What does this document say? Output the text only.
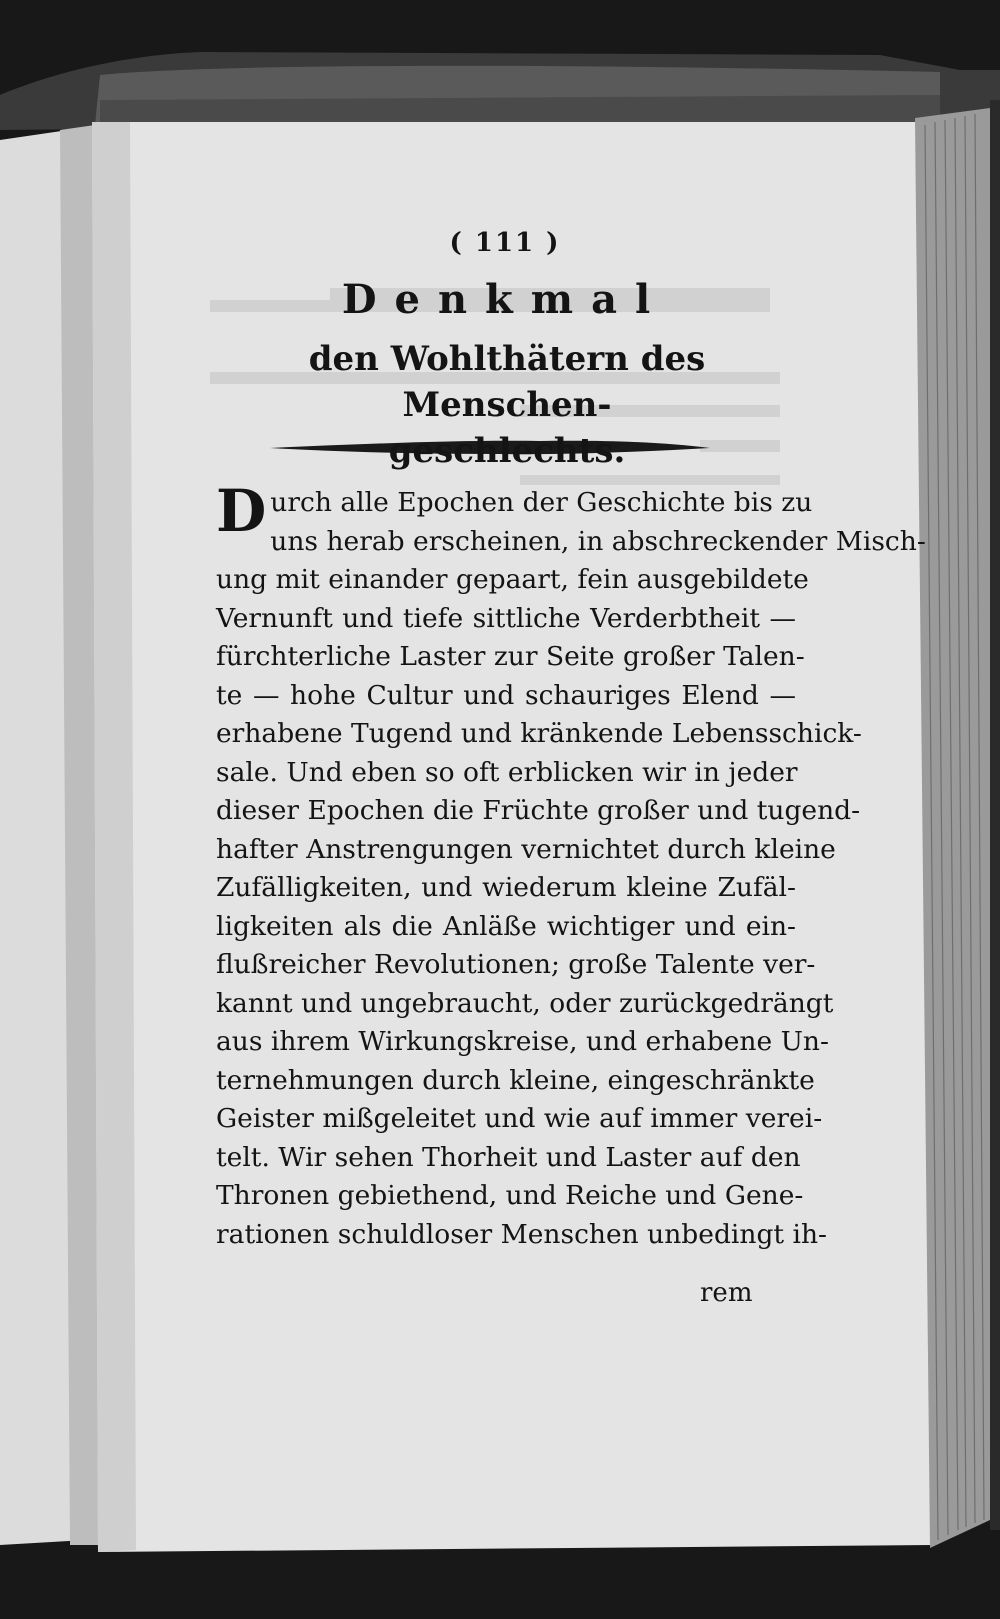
( 111 )
Denkmal
den Wohlthätern des Menschen-
geschlechts.
D urch alle Epochen der Geschichte bis zu
uns herab erscheinen, in abschreckender Misch-
ung mit einander gepaart, fein ausgebildete
Vernunft und tiefe sittliche Verderbtheit —
fürchterliche Laster zur Seite großer Talen-
te — hohe Cultur und schauriges Elend —
erhabene Tugend und kränkende Lebensschick-
sale. Und eben so oft erblicken wir in jeder
dieser Epochen die Früchte großer und tugend-
hafter Anstrengungen vernichtet durch kleine
Zufälligkeiten, und wiederum kleine Zufäl-
ligkeiten als die Anläße wichtiger und ein-
flußreicher Revolutionen; große Talente ver-
kannt und ungebraucht, oder zurückgedrängt
aus ihrem Wirkungskreise, und erhabene Un-
ternehmungen durch kleine, eingeschränkte
Geister mißgeleitet und wie auf immer verei-
telt. Wir sehen Thorheit und Laster auf den
Thronen gebiethend, und Reiche und Gene-
rationen schuldloser Menschen unbedingt ih-
rem
